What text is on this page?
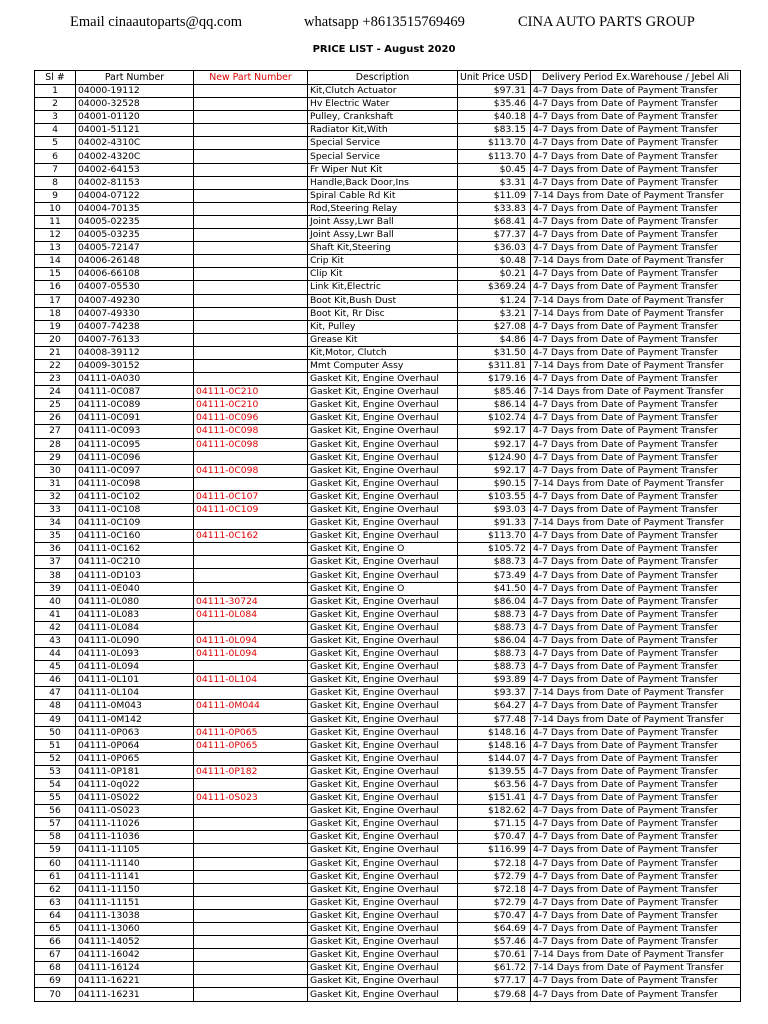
Email cinaautoparts@qq.com	whatsapp +8613515769469	CINA AUTO PARTS GROUP
PRICE LIST - August 2020
Sl #	Part Number	New Part Number	Description	Unit Price USD	Delivery Period Ex.Warehouse / Jebel Ali
1	04000-19112		Kit,Clutch Actuator	$97.31	4-7 Days from Date of Payment Transfer
2	04000-32528		Hv Electric Water	$35.46	4-7 Days from Date of Payment Transfer
3	04001-01120		Pulley, Crankshaft	$40.18	4-7 Days from Date of Payment Transfer
4	04001-51121		Radiator Kit,With	$83.15	4-7 Days from Date of Payment Transfer
5	04002-4310C		Special Service	$113.70	4-7 Days from Date of Payment Transfer
6	04002-4320C		Special Service	$113.70	4-7 Days from Date of Payment Transfer
7	04002-64153		Fr Wiper Nut Kit	$0.45	4-7 Days from Date of Payment Transfer
8	04002-81153		Handle,Back Door,Ins	$3.31	4-7 Days from Date of Payment Transfer
9	04004-07122		Spiral Cable Rd Kit	$11.09	7-14 Days from Date of Payment Transfer
10	04004-70135		Rod,Steering Relay	$33.83	4-7 Days from Date of Payment Transfer
11	04005-02235		Joint Assy,Lwr Ball	$68.41	4-7 Days from Date of Payment Transfer
12	04005-03235		Joint Assy,Lwr Ball	$77.37	4-7 Days from Date of Payment Transfer
13	04005-72147		Shaft Kit,Steering	$36.03	4-7 Days from Date of Payment Transfer
14	04006-26148		Crip Kit	$0.48	7-14 Days from Date of Payment Transfer
15	04006-66108		Clip Kit	$0.21	4-7 Days from Date of Payment Transfer
16	04007-05530		Link Kit,Electric	$369.24	4-7 Days from Date of Payment Transfer
17	04007-49230		Boot Kit,Bush Dust	$1.24	7-14 Days from Date of Payment Transfer
18	04007-49330		Boot Kit, Rr Disc	$3.21	7-14 Days from Date of Payment Transfer
19	04007-74238		Kit, Pulley	$27.08	4-7 Days from Date of Payment Transfer
20	04007-76133		Grease Kit	$4.86	4-7 Days from Date of Payment Transfer
21	04008-39112		Kit,Motor, Clutch	$31.50	4-7 Days from Date of Payment Transfer
22	04009-30152		Mmt Computer Assy	$311.81	7-14 Days from Date of Payment Transfer
23	04111-0A030		Gasket Kit, Engine Overhaul	$179.16	4-7 Days from Date of Payment Transfer
24	04111-0C087	04111-0C210	Gasket Kit, Engine Overhaul	$85.46	7-14 Days from Date of Payment Transfer
25	04111-0C089	04111-0C210	Gasket Kit, Engine Overhaul	$86.14	4-7 Days from Date of Payment Transfer
26	04111-0C091	04111-0C096	Gasket Kit, Engine Overhaul	$102.74	4-7 Days from Date of Payment Transfer
27	04111-0C093	04111-0C098	Gasket Kit, Engine Overhaul	$92.17	4-7 Days from Date of Payment Transfer
28	04111-0C095	04111-0C098	Gasket Kit, Engine Overhaul	$92.17	4-7 Days from Date of Payment Transfer
29	04111-0C096		Gasket Kit, Engine Overhaul	$124.90	4-7 Days from Date of Payment Transfer
30	04111-0C097	04111-0C098	Gasket Kit, Engine Overhaul	$92.17	4-7 Days from Date of Payment Transfer
31	04111-0C098		Gasket Kit, Engine Overhaul	$90.15	7-14 Days from Date of Payment Transfer
32	04111-0C102	04111-0C107	Gasket Kit, Engine Overhaul	$103.55	4-7 Days from Date of Payment Transfer
33	04111-0C108	04111-0C109	Gasket Kit, Engine Overhaul	$93.03	4-7 Days from Date of Payment Transfer
34	04111-0C109		Gasket Kit, Engine Overhaul	$91.33	7-14 Days from Date of Payment Transfer
35	04111-0C160	04111-0C162	Gasket Kit, Engine Overhaul	$113.70	4-7 Days from Date of Payment Transfer
36	04111-0C162		Gasket Kit, Engine O	$105.72	4-7 Days from Date of Payment Transfer
37	04111-0C210		Gasket Kit, Engine Overhaul	$88.73	4-7 Days from Date of Payment Transfer
38	04111-0D103		Gasket Kit, Engine Overhaul	$73.49	4-7 Days from Date of Payment Transfer
39	04111-0E040		Gasket Kit, Engine O	$41.50	4-7 Days from Date of Payment Transfer
40	04111-0L080	04111-30724	Gasket Kit, Engine Overhaul	$86.04	4-7 Days from Date of Payment Transfer
41	04111-0L083	04111-0L084	Gasket Kit, Engine Overhaul	$88.73	4-7 Days from Date of Payment Transfer
42	04111-0L084		Gasket Kit, Engine Overhaul	$88.73	4-7 Days from Date of Payment Transfer
43	04111-0L090	04111-0L094	Gasket Kit, Engine Overhaul	$86.04	4-7 Days from Date of Payment Transfer
44	04111-0L093	04111-0L094	Gasket Kit, Engine Overhaul	$88.73	4-7 Days from Date of Payment Transfer
45	04111-0L094		Gasket Kit, Engine Overhaul	$88.73	4-7 Days from Date of Payment Transfer
46	04111-0L101	04111-0L104	Gasket Kit, Engine Overhaul	$93.89	4-7 Days from Date of Payment Transfer
47	04111-0L104		Gasket Kit, Engine Overhaul	$93.37	7-14 Days from Date of Payment Transfer
48	04111-0M043	04111-0M044	Gasket Kit, Engine Overhaul	$64.27	4-7 Days from Date of Payment Transfer
49	04111-0M142		Gasket Kit, Engine Overhaul	$77.48	7-14 Days from Date of Payment Transfer
50	04111-0P063	04111-0P065	Gasket Kit, Engine Overhaul	$148.16	4-7 Days from Date of Payment Transfer
51	04111-0P064	04111-0P065	Gasket Kit, Engine Overhaul	$148.16	4-7 Days from Date of Payment Transfer
52	04111-0P065		Gasket Kit, Engine Overhaul	$144.07	4-7 Days from Date of Payment Transfer
53	04111-0P181	04111-0P182	Gasket Kit, Engine Overhaul	$139.55	4-7 Days from Date of Payment Transfer
54	04111-0q022		Gasket Kit, Engine Overhaul	$63.56	4-7 Days from Date of Payment Transfer
55	04111-0S022	04111-0S023	Gasket Kit, Engine Overhaul	$151.41	4-7 Days from Date of Payment Transfer
56	04111-0S023		Gasket Kit, Engine Overhaul	$182.62	4-7 Days from Date of Payment Transfer
57	04111-11026		Gasket Kit, Engine Overhaul	$71.15	4-7 Days from Date of Payment Transfer
58	04111-11036		Gasket Kit, Engine Overhaul	$70.47	4-7 Days from Date of Payment Transfer
59	04111-11105		Gasket Kit, Engine Overhaul	$116.99	4-7 Days from Date of Payment Transfer
60	04111-11140		Gasket Kit, Engine Overhaul	$72.18	4-7 Days from Date of Payment Transfer
61	04111-11141		Gasket Kit, Engine Overhaul	$72.79	4-7 Days from Date of Payment Transfer
62	04111-11150		Gasket Kit, Engine Overhaul	$72.18	4-7 Days from Date of Payment Transfer
63	04111-11151		Gasket Kit, Engine Overhaul	$72.79	4-7 Days from Date of Payment Transfer
64	04111-13038		Gasket Kit, Engine Overhaul	$70.47	4-7 Days from Date of Payment Transfer
65	04111-13060		Gasket Kit, Engine Overhaul	$64.69	4-7 Days from Date of Payment Transfer
66	04111-14052		Gasket Kit, Engine Overhaul	$57.46	4-7 Days from Date of Payment Transfer
67	04111-16042		Gasket Kit, Engine Overhaul	$70.61	7-14 Days from Date of Payment Transfer
68	04111-16124		Gasket Kit, Engine Overhaul	$61.72	7-14 Days from Date of Payment Transfer
69	04111-16221		Gasket Kit, Engine Overhaul	$77.17	4-7 Days from Date of Payment Transfer
70	04111-16231		Gasket Kit, Engine Overhaul	$79.68	4-7 Days from Date of Payment Transfer
